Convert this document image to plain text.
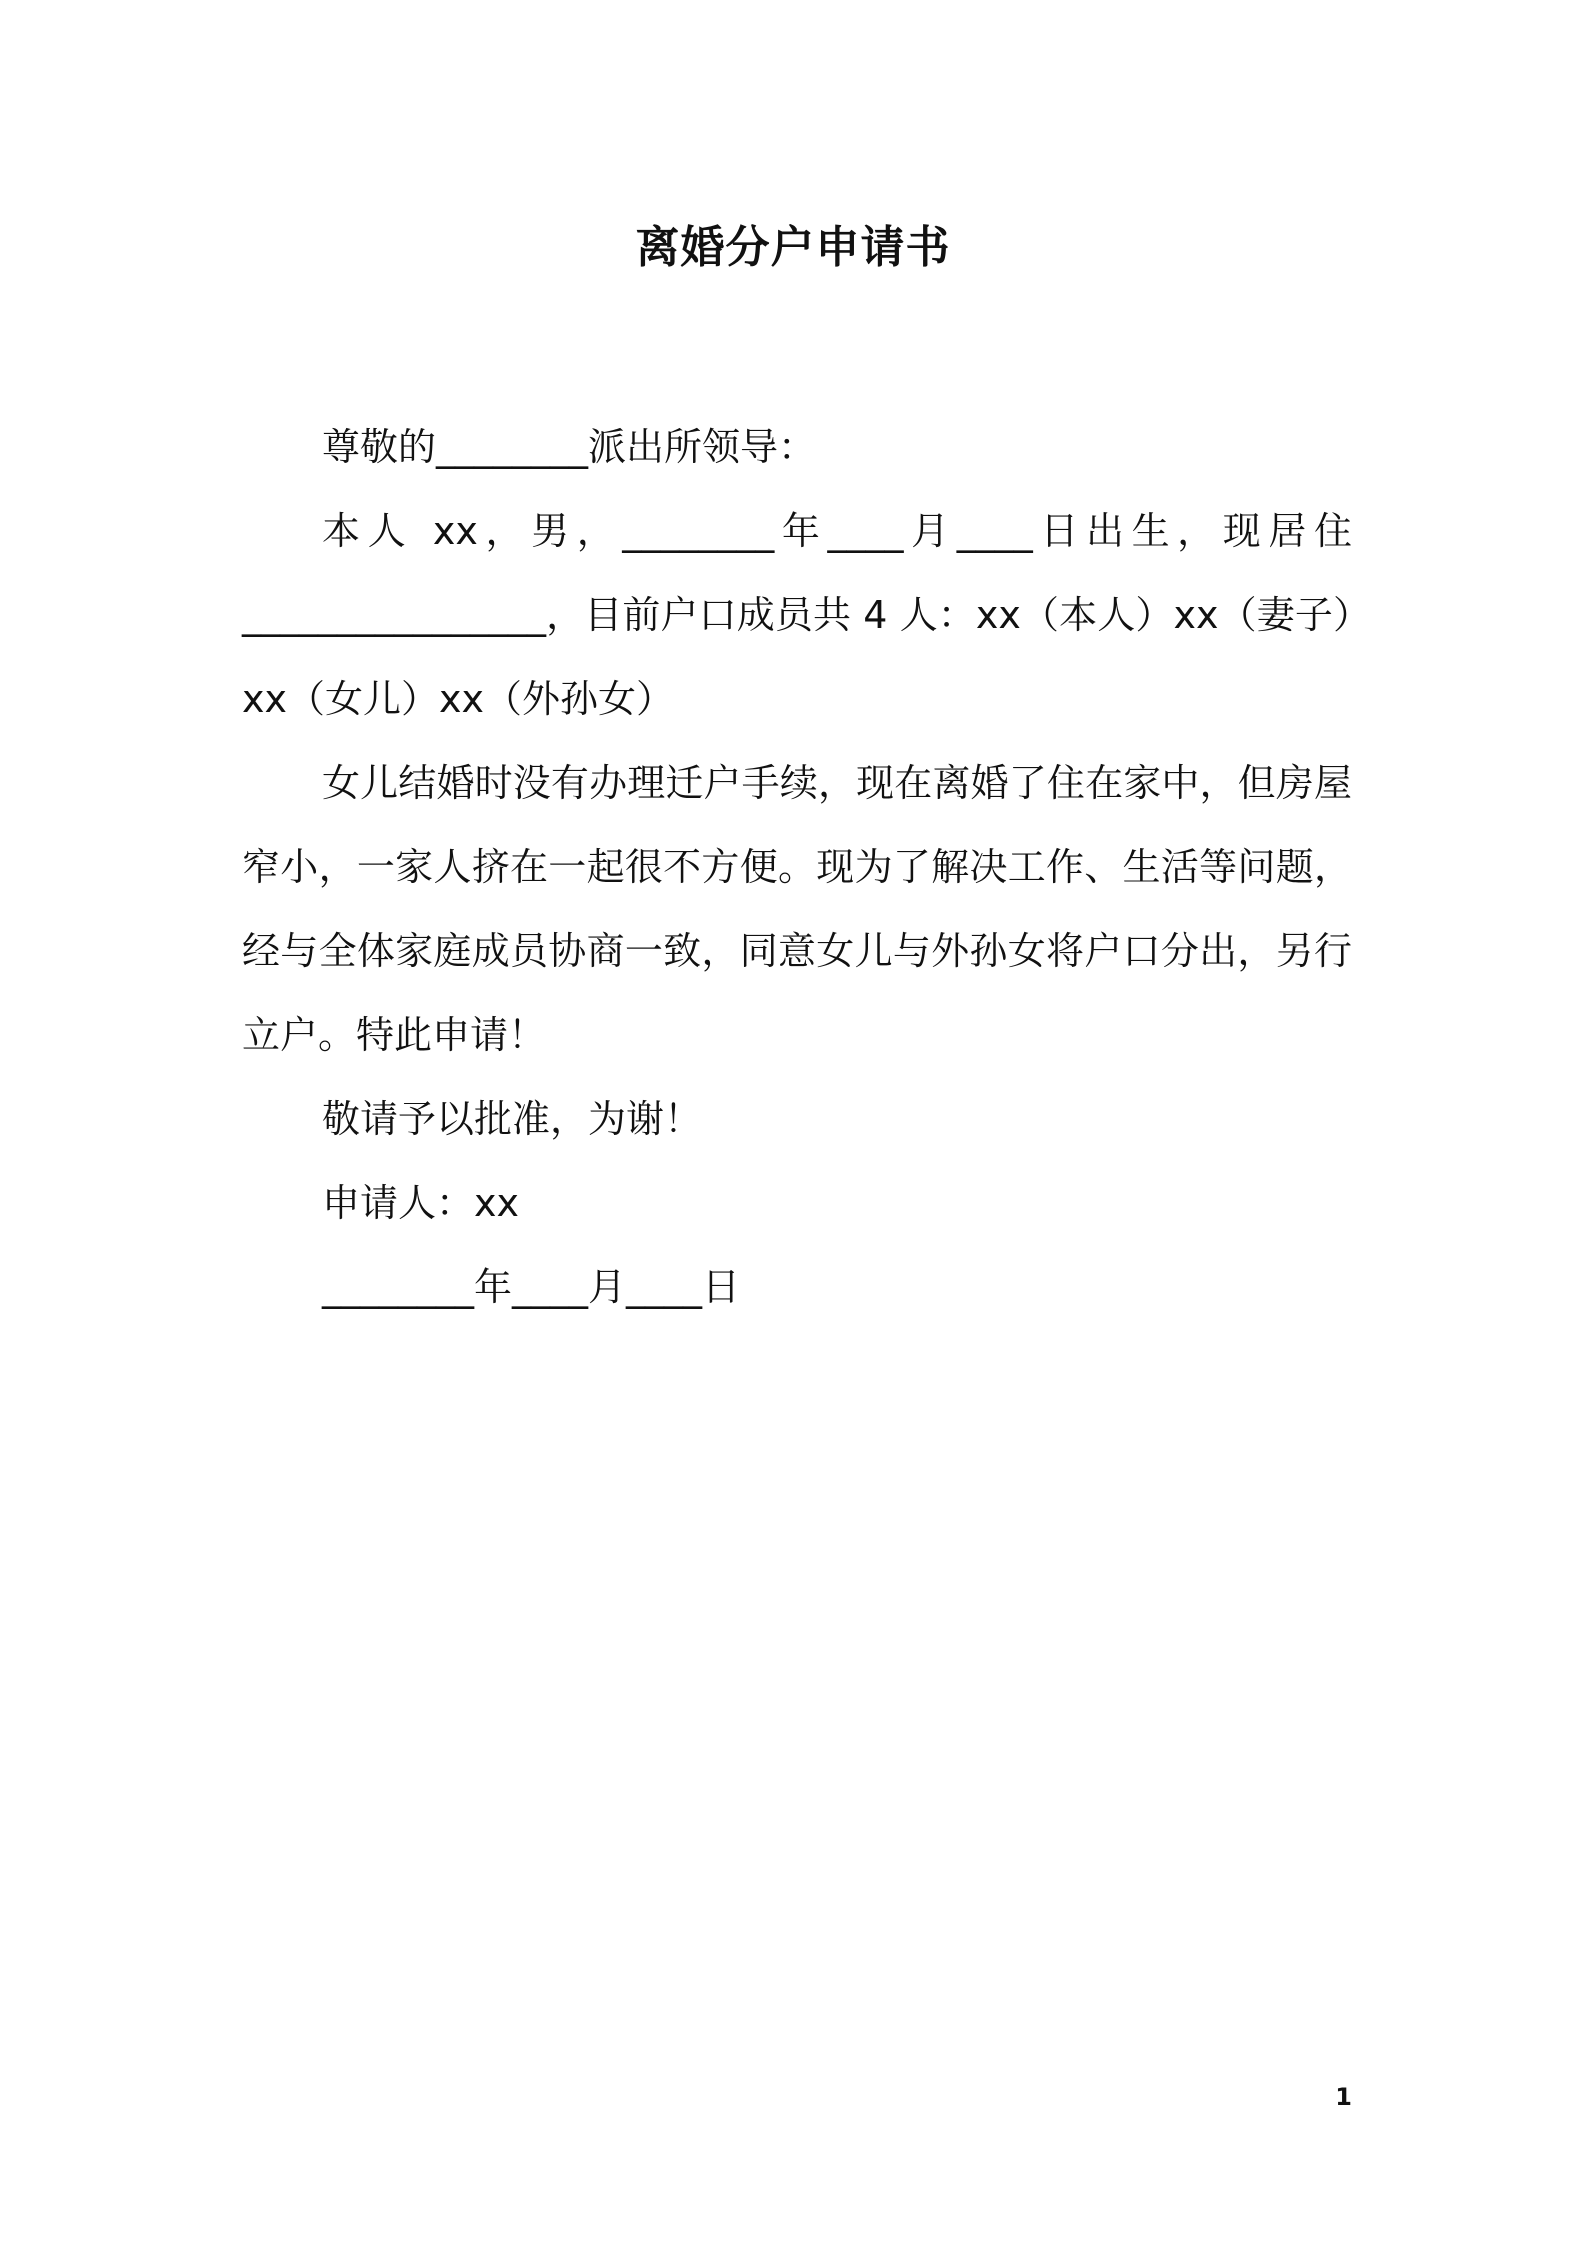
离婚分户申请书

尊敬的________派出所领导：

本人 xx，男，________年____月____日出生，现居住________________，目前户口成员共 4 人：xx（本人）xx（妻子）xx（女儿）xx（外孙女）

女儿结婚时没有办理迁户手续，现在离婚了住在家中，但房屋窄小，一家人挤在一起很不方便。现为了解决工作、生活等问题，经与全体家庭成员协商一致，同意女儿与外孙女将户口分出，另行立户。特此申请！

敬请予以批准，为谢！

申请人：xx

________年____月____日

1
